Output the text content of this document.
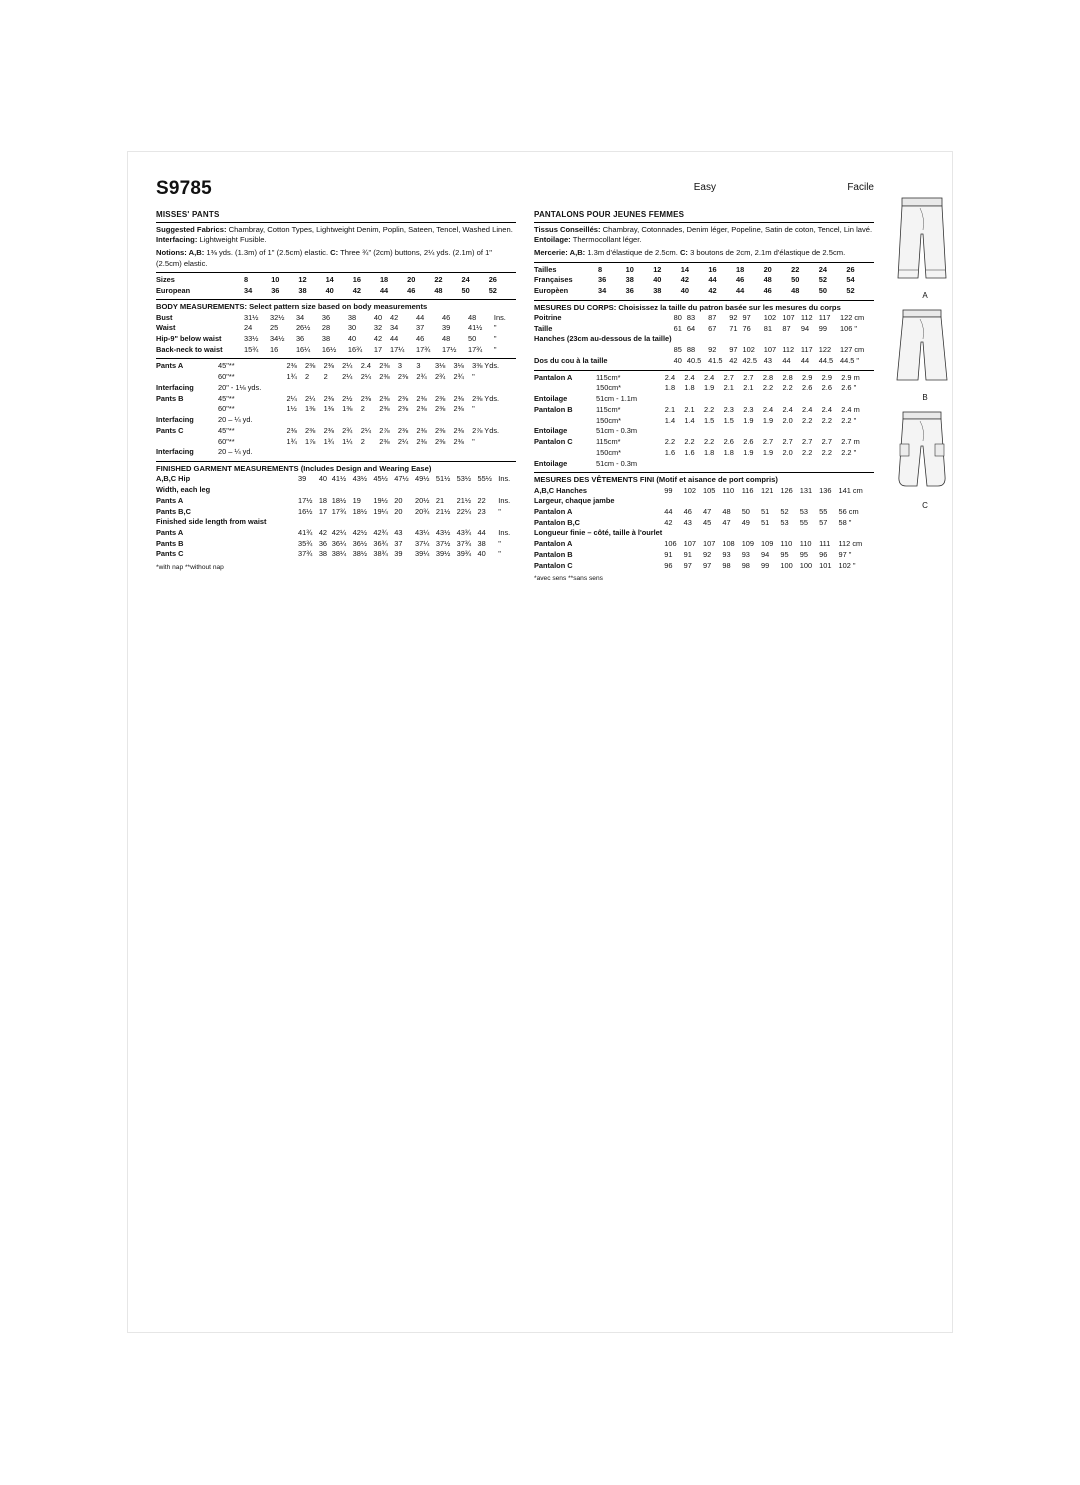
S9785	Easy	Facile
MISSES' PANTS

Suggested Fabrics: Chambray, Cotton Types, Lightweight Denim, Poplin, Sateen, Tencel, Washed Linen. Interfacing: Lightweight Fusible.

Notions: A,B: 1⅜ yds. (1.3m) of 1" (2.5cm) elastic. C: Three ¾" (2cm) buttons, 2¼ yds. (2.1m) of 1" (2.5cm) elastic.

Sizes	8	10	12	14	16	18	20	22	24	26
European	34	36	38	40	42	44	46	48	50	52
BODY MEASUREMENTS: Select pattern size based on body measurements
Bust	31½	32½	34	36	38	40	42	44	46	48	Ins.
Waist	24	25	26½	28	30	32	34	37	39	41½	"
Hip-9" below waist	33½	34½	36	38	40	42	44	46	48	50	"
Back-neck to waist	15¾	16	16¼	16½	16¾	17	17¼	17¾	17½	17¾	"
Pants A	45"**	2⅜	2⅜	2⅜	2¼	2.4	2⅜	3	3	3⅛	3⅛	3⅜ Yds.
	60"**	1¾	2	2	2¼	2¼	2⅜	2⅜	2¾	2¾	2¾	"
Interfacing	20" - 1⅛ yds.											
Pants B	45"**	2¼	2¼	2⅜	2½	2⅜	2⅜	2⅜	2⅜	2⅜	2⅜	2⅜ Yds.
	60"**	1½	1⅜	1⅜	1⅜	2	2⅜	2⅜	2⅜	2⅜	2⅜	"
Interfacing	20 – ¼ yd.											
Pants C	45"**	2⅜	2⅜	2⅜	2¾	2¼	2⅞	2⅜	2⅜	2⅜	2⅜	2⅞ Yds.
	60"**	1¾	1⅞	1¾	1¼	2	2⅜	2¼	2⅜	2⅜	2⅜	"
Interfacing	20 – ¼ yd.											
FINISHED GARMENT MEASUREMENTS (Includes Design and Wearing Ease)
A,B,C Hip	39	40	41½	43½	45½	47½	49½	51½	53½	55½	Ins.
Width, each leg											
Pants A	17½	18	18½	19	19½	20	20½	21	21½	22	Ins.
Pants B,C	16½	17	17¾	18½	19¼	20	20¾	21½	22¼	23	"
Finished side length from waist											
Pants A	41¾	42	42¼	42½	42¾	43	43¼	43½	43¾	44	Ins.
Pants B	35¾	36	36¼	36½	36¾	37	37¼	37½	37¾	38	"
Pants C	37¾	38	38¼	38½	38¾	39	39¼	39½	39¾	40	"
*with nap **without nap
PANTALONS POUR JEUNES FEMMES

Tissus Conseillés: Chambray, Cotonnades, Denim léger, Popeline, Satin de coton, Tencel, Lin lavé. Entoilage: Thermocollant léger.

Mercerie: A,B: 1.3m d'élastique de 2.5cm. C: 3 boutons de 2cm, 2.1m d'élastique de 2.5cm.

Tailles	8	10	12	14	16	18	20	22	24	26
Françaises	36	38	40	42	44	46	48	50	52	54
Europèen	34	36	38	40	42	44	46	48	50	52
MESURES DU CORPS: Choisissez la taille du patron basée sur les mesures du corps
Poitrine	80	83	87	92	97	102	107	112	117	122 cm
Taille	61	64	67	71	76	81	87	94	99	106 "
Hanches (23cm au-dessous de la taille)										
	85	88	92	97	102	107	112	117	122	127 cm
Dos du cou à la taille	40	40.5	41.5	42	42.5	43	44	44	44.5	44.5 "
Pantalon A	115cm*	2.4	2.4	2.4	2.7	2.7	2.8	2.8	2.9	2.9	2.9 m
	150cm*	1.8	1.8	1.9	2.1	2.1	2.2	2.2	2.6	2.6	2.6 "
Entoilage	51cm - 1.1m										
Pantalon B	115cm*	2.1	2.1	2.2	2.3	2.3	2.4	2.4	2.4	2.4	2.4 m
	150cm*	1.4	1.4	1.5	1.5	1.9	1.9	2.0	2.2	2.2	2.2 "
Entoilage	51cm - 0.3m										
Pantalon C	115cm*	2.2	2.2	2.2	2.6	2.6	2.7	2.7	2.7	2.7	2.7 m
	150cm*	1.6	1.6	1.8	1.8	1.9	1.9	2.0	2.2	2.2	2.2 "
Entoilage	51cm - 0.3m										
MESURES DES VÊTEMENTS FINI (Motif et aisance de port compris)
A,B,C Hanches	99	102	105	110	116	121	126	131	136	141 cm
Largeur, chaque jambe										
Pantalon A	44	46	47	48	50	51	52	53	55	56 cm
Pantalon B,C	42	43	45	47	49	51	53	55	57	58 "
Longueur finie – côté, taille à l'ourlet										
Pantalon A	106	107	107	108	109	109	110	110	111	112 cm
Pantalon B	91	91	92	93	93	94	95	95	96	97 "
Pantalon C	96	97	97	98	98	99	100	100	101	102 "
*avec sens **sans sens
A
B
C
